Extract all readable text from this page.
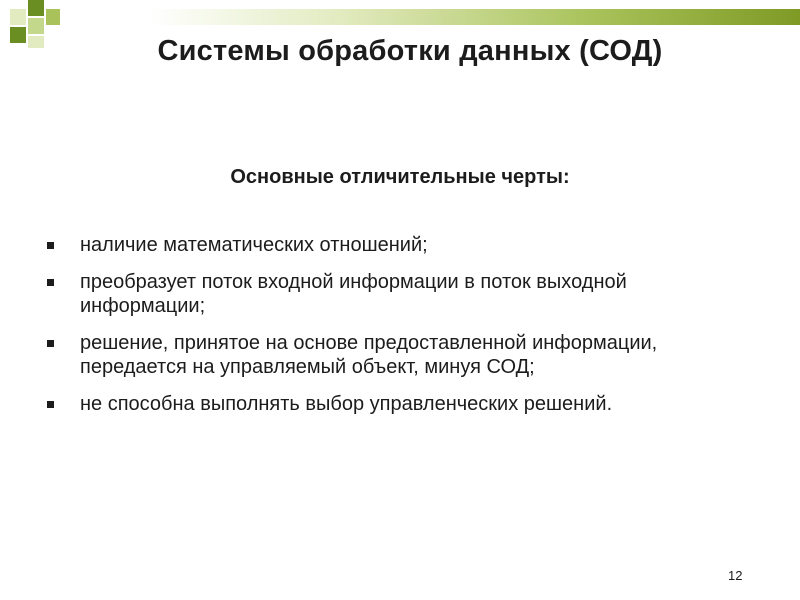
Системы обработки данных (СОД)
Основные отличительные черты:
наличие математических отношений;
преобразует поток входной информации в поток выходной информации;
решение, принятое на основе предоставленной информации, передается на управляемый объект, минуя СОД;
не способна выполнять выбор управленческих решений.
12
